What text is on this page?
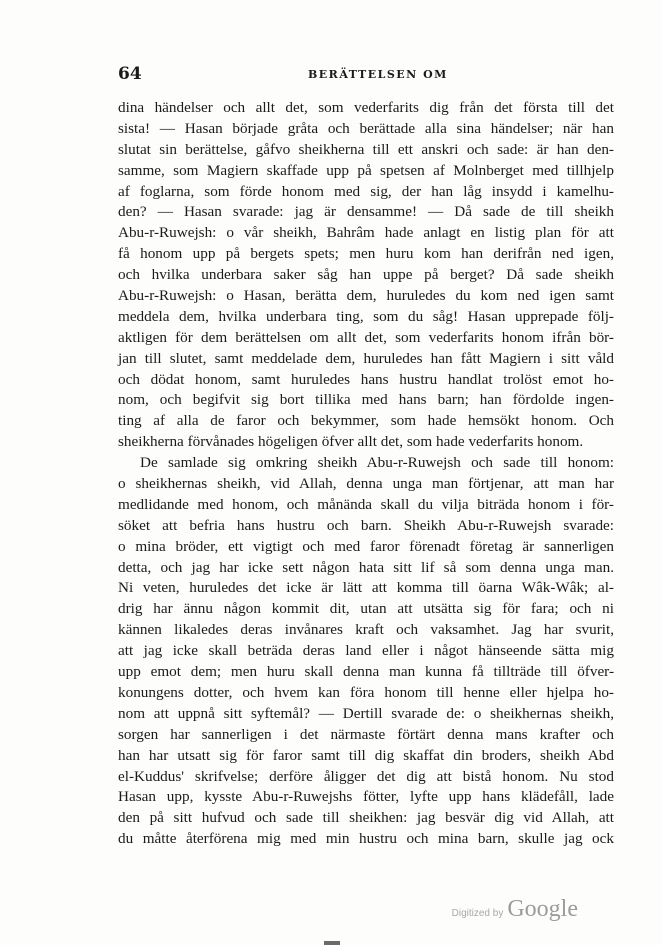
64	BERÄTTELSEN OM
dina händelser och allt det, som vederfarits dig från det första till det
sista! — Hasan började gråta och berättade alla sina händelser; när han
slutat sin berättelse, gåfvo sheikherna till ett anskri och sade: är han den-
samme, som Magiern skaffade upp på spetsen af Molnberget med tillhjelp
af foglarna, som förde honom med sig, der han låg insydd i kamelhu-
den? — Hasan svarade: jag är densamme! — Då sade de till sheikh
Abu-r-Ruwejsh: o vår sheikh, Bahrâm hade anlagt en listig plan för att
få honom upp på bergets spets; men huru kom han derifrån ned igen,
och hvilka underbara saker såg han uppe på berget? Då sade sheikh
Abu-r-Ruwejsh: o Hasan, berätta dem, huruledes du kom ned igen samt
meddela dem, hvilka underbara ting, som du såg! Hasan upprepade följ-
aktligen för dem berättelsen om allt det, som vederfarits honom ifrån bör-
jan till slutet, samt meddelade dem, huruledes han fått Magiern i sitt våld
och dödat honom, samt huruledes hans hustru handlat trolöst emot ho-
nom, och begifvit sig bort tillika med hans barn; han fördolde ingen-
ting af alla de faror och bekymmer, som hade hemsökt honom. Och
sheikherna förvånades högeligen öfver allt det, som hade vederfarits honom.
De samlade sig omkring sheikh Abu-r-Ruwejsh och sade till honom:
o sheikhernas sheikh, vid Allah, denna unga man förtjenar, att man har
medlidande med honom, och månända skall du vilja biträda honom i för-
söket att befria hans hustru och barn. Sheikh Abu-r-Ruwejsh svarade:
o mina bröder, ett vigtigt och med faror förenadt företag är sannerligen
detta, och jag har icke sett någon hata sitt lif så som denna unga man.
Ni veten, huruledes det icke är lätt att komma till öarna Wâk-Wâk; al-
drig har ännu någon kommit dit, utan att utsätta sig för fara; och ni
kännen likaledes deras invånares kraft och vaksamhet. Jag har svurit,
att jag icke skall beträda deras land eller i något hänseende sätta mig
upp emot dem; men huru skall denna man kunna få tillträde till öfver-
konungens dotter, och hvem kan föra honom till henne eller hjelpa ho-
nom att uppnå sitt syftemål? — Dertill svarade de: o sheikhernas sheikh,
sorgen har sannerligen i det närmaste förtärt denna mans krafter och
han har utsatt sig för faror samt till dig skaffat din broders, sheikh Abd
el-Kuddus' skrifvelse; derföre åligger det dig att bistå honom. Nu stod
Hasan upp, kysste Abu-r-Ruwejshs fötter, lyfte upp hans klädefåll, lade
den på sitt hufvud och sade till sheikhen: jag besvär dig vid Allah, att
du måtte återförena mig med min hustru och mina barn, skulle jag ock
Digitized by Google
